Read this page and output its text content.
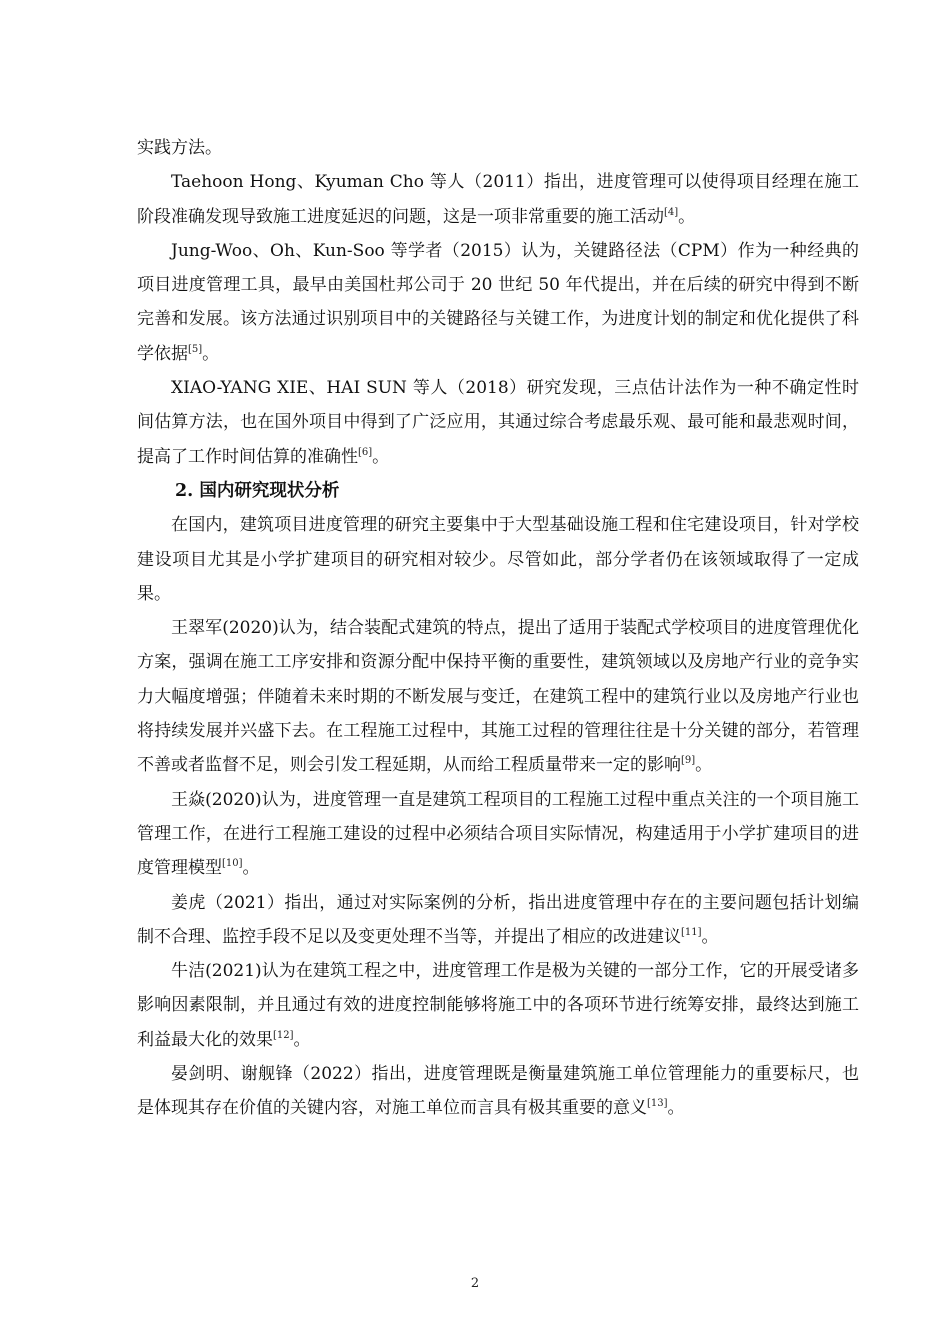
实践方法。

Taehoon Hong、Kyuman Cho 等人（2011）指出，进度管理可以使得项目经理在施工阶段准确发现导致施工进度延迟的问题，这是一项非常重要的施工活动[4]。

Jung-Woo、Oh、Kun-Soo 等学者（2015）认为，关键路径法（CPM）作为一种经典的项目进度管理工具，最早由美国杜邦公司于 20 世纪 50 年代提出，并在后续的研究中得到不断完善和发展。该方法通过识别项目中的关键路径与关键工作，为进度计划的制定和优化提供了科学依据[5]。

XIAO-YANG XIE、HAI SUN 等人（2018）研究发现，三点估计法作为一种不确定性时间估算方法，也在国外项目中得到了广泛应用，其通过综合考虑最乐观、最可能和最悲观时间，提高了工作时间估算的准确性[6]。

2. 国内研究现状分析

在国内，建筑项目进度管理的研究主要集中于大型基础设施工程和住宅建设项目，针对学校建设项目尤其是小学扩建项目的研究相对较少。尽管如此，部分学者仍在该领域取得了一定成果。

王翠军(2020)认为，结合装配式建筑的特点，提出了适用于装配式学校项目的进度管理优化方案，强调在施工工序安排和资源分配中保持平衡的重要性，建筑领域以及房地产行业的竞争实力大幅度增强；伴随着未来时期的不断发展与变迁，在建筑工程中的建筑行业以及房地产行业也将持续发展并兴盛下去。在工程施工过程中，其施工过程的管理往往是十分关键的部分，若管理不善或者监督不足，则会引发工程延期，从而给工程质量带来一定的影响[9]。

王焱(2020)认为，进度管理一直是建筑工程项目的工程施工过程中重点关注的一个项目施工管理工作，在进行工程施工建设的过程中必须结合项目实际情况，构建适用于小学扩建项目的进度管理模型[10]。

姜虎（2021）指出，通过对实际案例的分析，指出进度管理中存在的主要问题包括计划编制不合理、监控手段不足以及变更处理不当等，并提出了相应的改进建议[11]。

牛洁(2021)认为在建筑工程之中，进度管理工作是极为关键的一部分工作，它的开展受诸多影响因素限制，并且通过有效的进度控制能够将施工中的各项环节进行统筹安排，最终达到施工利益最大化的效果[12]。

晏剑明、谢舰锋（2022）指出，进度管理既是衡量建筑施工单位管理能力的重要标尺，也是体现其存在价值的关键内容，对施工单位而言具有极其重要的意义[13]。

2
